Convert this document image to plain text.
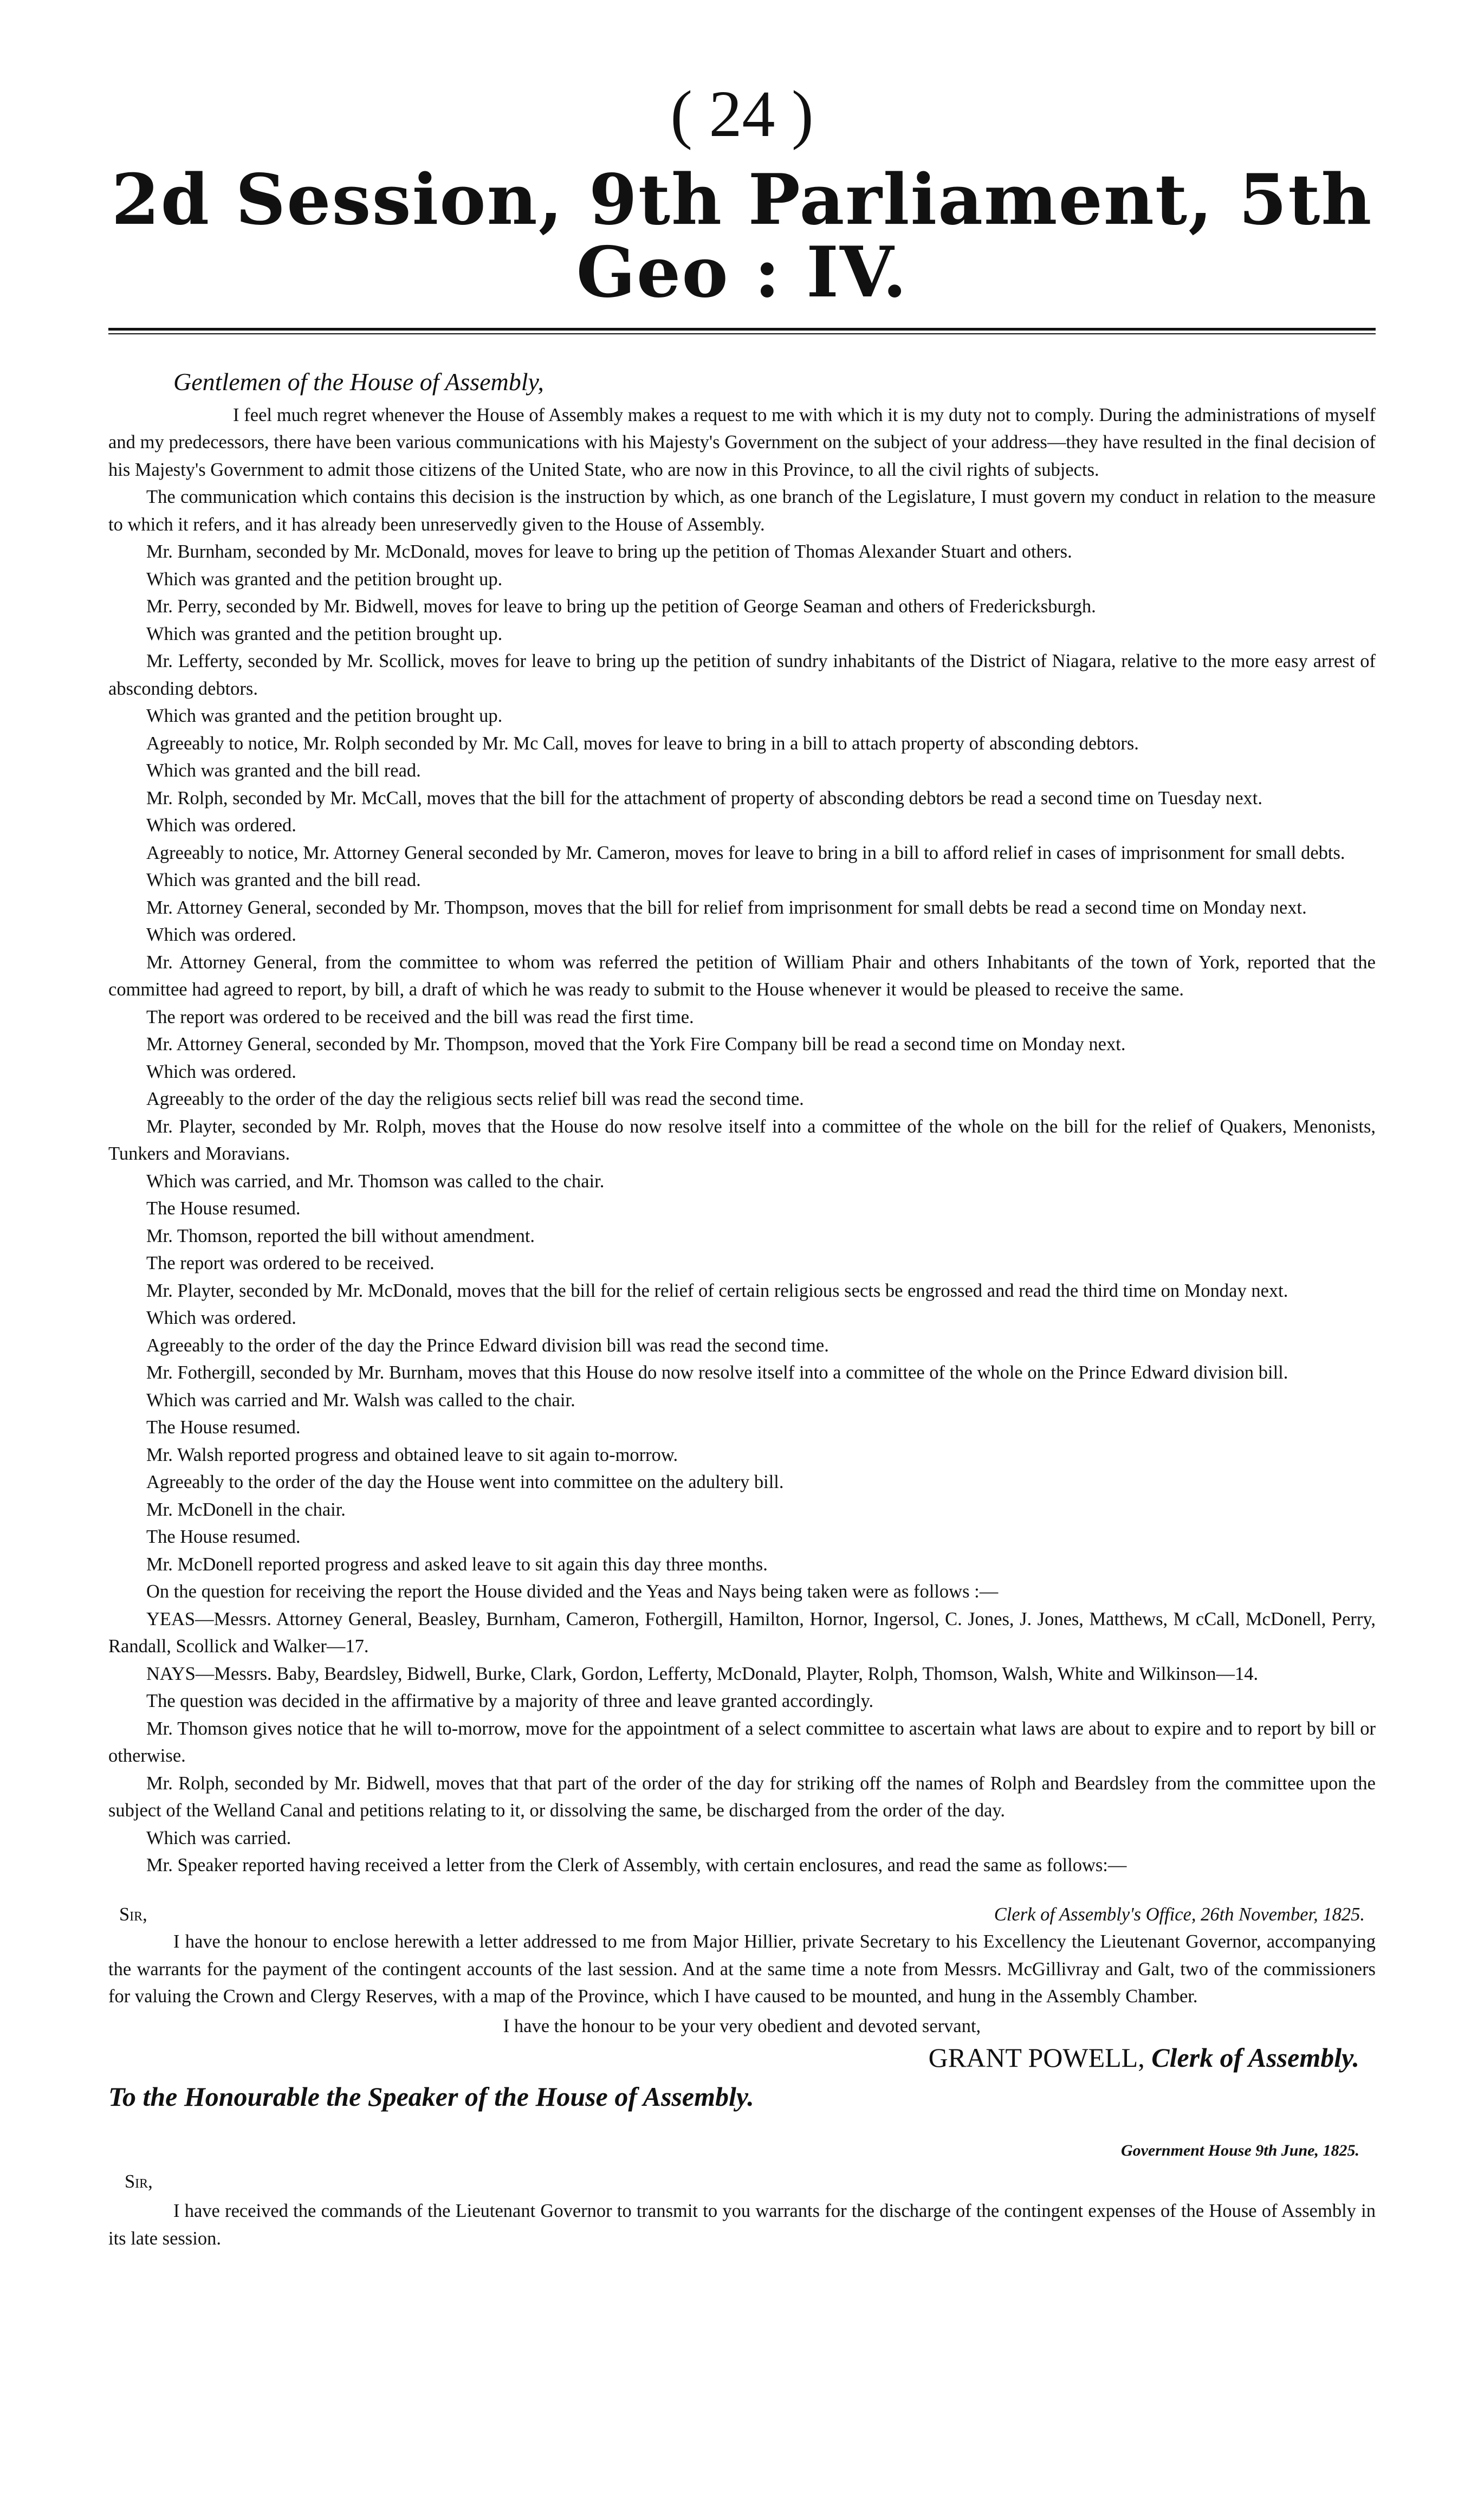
( 24 )
2d Session, 9th Parliament, 5th Geo : IV.

Gentlemen of the House of Assembly,

I feel much regret whenever the House of Assembly makes a request to me with which it is my duty not to comply. During the administrations of myself and my predecessors, there have been various communications with his Majesty's Government on the subject of your address—they have resulted in the final decision of his Majesty's Government to admit those citizens of the United State, who are now in this Province, to all the civil rights of subjects.

The communication which contains this decision is the instruction by which, as one branch of the Legislature, I must govern my conduct in relation to the measure to which it refers, and it has already been unreservedly given to the House of Assembly.

Mr. Burnham, seconded by Mr. McDonald, moves for leave to bring up the petition of Thomas Alexander Stuart and others.

Which was granted and the petition brought up.

Mr. Perry, seconded by Mr. Bidwell, moves for leave to bring up the petition of George Seaman and others of Fredericksburgh.

Which was granted and the petition brought up.

Mr. Lefferty, seconded by Mr. Scollick, moves for leave to bring up the petition of sundry inhabitants of the District of Niagara, relative to the more easy arrest of absconding debtors.

Which was granted and the petition brought up.

Agreeably to notice, Mr. Rolph seconded by Mr. Mc Call, moves for leave to bring in a bill to attach property of absconding debtors.

Which was granted and the bill read.

Mr. Rolph, seconded by Mr. McCall, moves that the bill for the attachment of property of absconding debtors be read a second time on Tuesday next.

Which was ordered.

Agreeably to notice, Mr. Attorney General seconded by Mr. Cameron, moves for leave to bring in a bill to afford relief in cases of imprisonment for small debts.

Which was granted and the bill read.

Mr. Attorney General, seconded by Mr. Thompson, moves that the bill for relief from imprisonment for small debts be read a second time on Monday next.

Which was ordered.

Mr. Attorney General, from the committee to whom was referred the petition of William Phair and others Inhabitants of the town of York, reported that the committee had agreed to report, by bill, a draft of which he was ready to submit to the House whenever it would be pleased to receive the same.

The report was ordered to be received and the bill was read the first time.

Mr. Attorney General, seconded by Mr. Thompson, moved that the York Fire Company bill be read a second time on Monday next.

Which was ordered.

Agreeably to the order of the day the religious sects relief bill was read the second time.

Mr. Playter, seconded by Mr. Rolph, moves that the House do now resolve itself into a committee of the whole on the bill for the relief of Quakers, Menonists, Tunkers and Moravians.

Which was carried, and Mr. Thomson was called to the chair.

The House resumed.

Mr. Thomson, reported the bill without amendment.

The report was ordered to be received.

Mr. Playter, seconded by Mr. McDonald, moves that the bill for the relief of certain religious sects be engrossed and read the third time on Monday next.

Which was ordered.

Agreeably to the order of the day the Prince Edward division bill was read the second time.

Mr. Fothergill, seconded by Mr. Burnham, moves that this House do now resolve itself into a committee of the whole on the Prince Edward division bill.

Which was carried and Mr. Walsh was called to the chair.

The House resumed.

Mr. Walsh reported progress and obtained leave to sit again to-morrow.

Agreeably to the order of the day the House went into committee on the adultery bill.

Mr. McDonell in the chair.

The House resumed.

Mr. McDonell reported progress and asked leave to sit again this day three months.

On the question for receiving the report the House divided and the Yeas and Nays being taken were as follows :—

YEAS—Messrs. Attorney General, Beasley, Burnham, Cameron, Fothergill, Hamilton, Hornor, Ingersol, C. Jones, J. Jones, Matthews, M cCall, McDonell, Perry, Randall, Scollick and Walker—17.

NAYS—Messrs. Baby, Beardsley, Bidwell, Burke, Clark, Gordon, Lefferty, McDonald, Playter, Rolph, Thomson, Walsh, White and Wilkinson—14.

The question was decided in the affirmative by a majority of three and leave granted accordingly.

Mr. Thomson gives notice that he will to-morrow, move for the appointment of a select committee to ascertain what laws are about to expire and to report by bill or otherwise.

Mr. Rolph, seconded by Mr. Bidwell, moves that that part of the order of the day for striking off the names of Rolph and Beardsley from the committee upon the subject of the Welland Canal and petitions relating to it, or dissolving the same, be discharged from the order of the day.

Which was carried.

Mr. Speaker reported having received a letter from the Clerk of Assembly, with certain enclosures, and read the same as follows:—

Sir,	Clerk of Assembly's Office, 26th November, 1825.

I have the honour to enclose herewith a letter addressed to me from Major Hillier, private Secretary to his Excellency the Lieutenant Governor, accompanying the warrants for the payment of the contingent accounts of the last session. And at the same time a note from Messrs. McGillivray and Galt, two of the commissioners for valuing the Crown and Clergy Reserves, with a map of the Province, which I have caused to be mounted, and hung in the Assembly Chamber.

I have the honour to be your very obedient and devoted servant,

GRANT POWELL, Clerk of Assembly.

To the Honourable the Speaker of the House of Assembly.

Government House 9th June, 1825.

Sir,

I have received the commands of the Lieutenant Governor to transmit to you warrants for the discharge of the contingent expenses of the House of Assembly in its late session.
